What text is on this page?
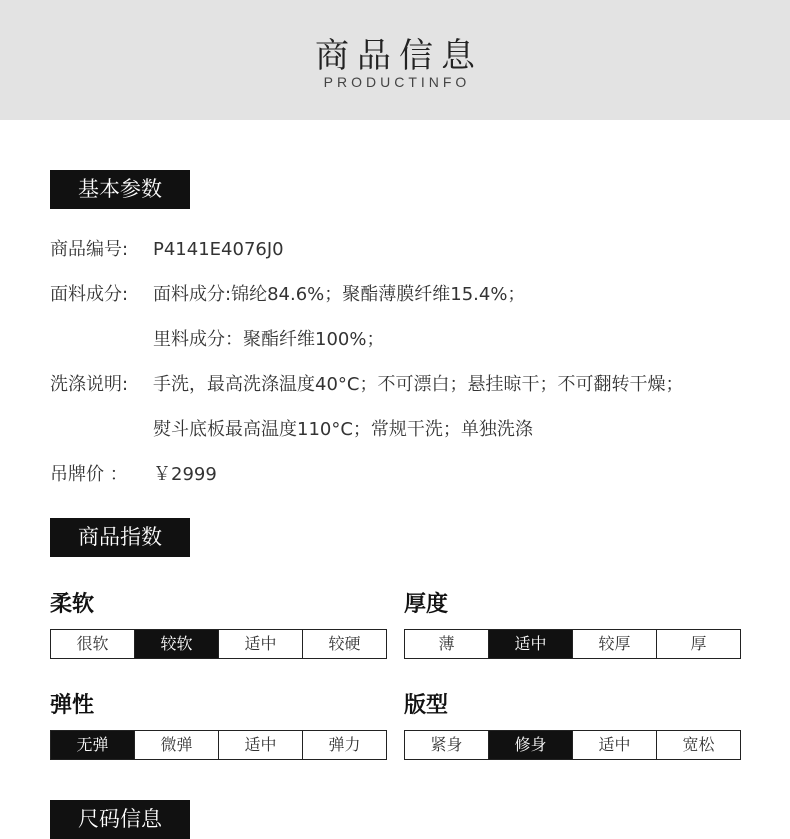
商品信息
PRODUCTINFO
基本参数
商品编号: P4141E4076J0
面料成分: 面料成分:锦纶84.6%；聚酯薄膜纤维15.4%；
里料成分：聚酯纤维100%；
洗涤说明: 手洗，最高洗涤温度40°C；不可漂白；悬挂晾干；不可翻转干燥；
熨斗底板最高温度110°C；常规干洗；单独洗涤
吊牌价 ： ￥2999
商品指数
柔软
很软	较软	适中	较硬
厚度
薄	适中	较厚	厚
弹性
无弹	微弹	适中	弹力
版型
紧身	修身	适中	宽松
尺码信息
